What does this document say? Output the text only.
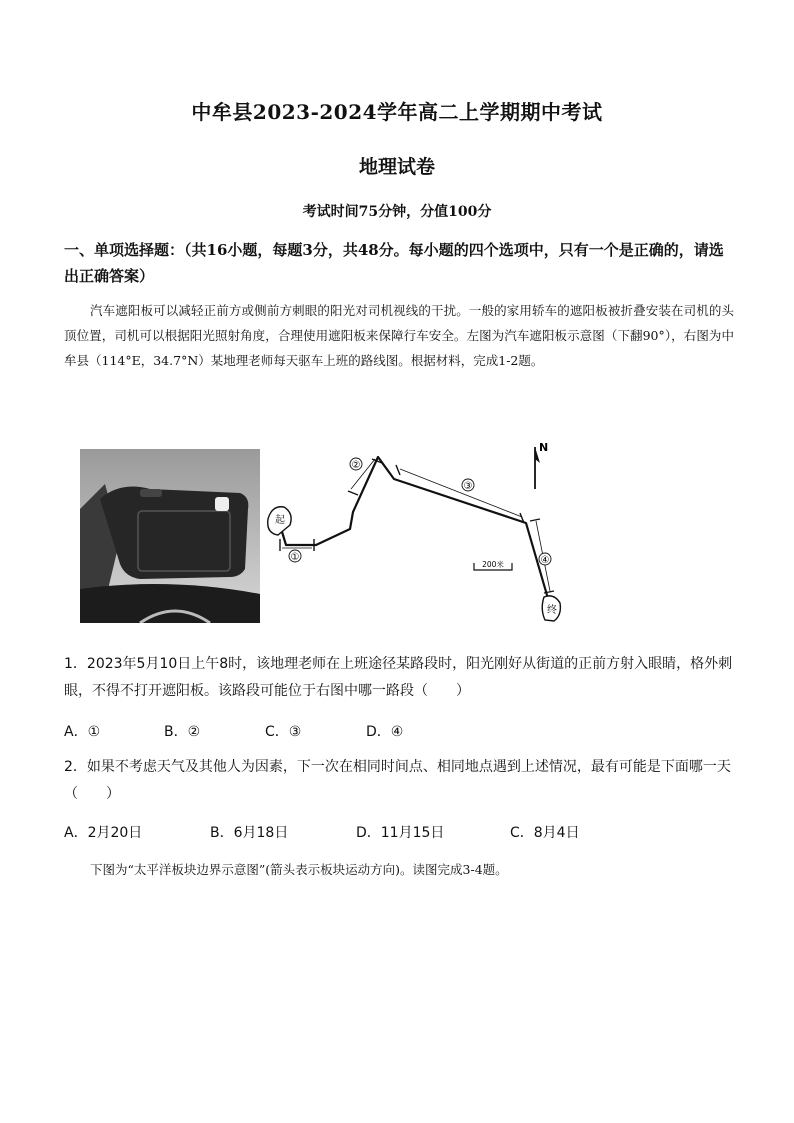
中牟县2023-2024学年高二上学期期中考试
地理试卷
考试时间75分钟，分值100分
一、单项选择题：（共16小题，每题3分，共48分。每小题的四个选项中，只有一个是正确的，请选出正确答案）
汽车遮阳板可以减轻正前方或侧前方刺眼的阳光对司机视线的干扰。一般的家用轿车的遮阳板被折叠安装在司机的头顶位置，司机可以根据阳光照射角度，合理使用遮阳板来保障行车安全。左图为汽车遮阳板示意图（下翻90°），右图为中牟县（114°E，34.7°N）某地理老师每天驱车上班的路线图。根据材料，完成1-2题。
起
终
①
②
③
④
N
200米
1．2023年5月10日上午8时，该地理老师在上班途径某路段时，阳光刚好从街道的正前方射入眼睛，格外刺眼，不得不打开遮阳板。该路段可能位于右图中哪一路段（　　）
A．①	B．②	C．③	D．④
2．如果不考虑天气及其他人为因素，下一次在相同时间点、相同地点遇到上述情况，最有可能是下面哪一天（　　）
A．2月20日	B．6月18日	D．11月15日	C．8月4日
下图为“太平洋板块边界示意图”(箭头表示板块运动方向)。读图完成3-4题。
